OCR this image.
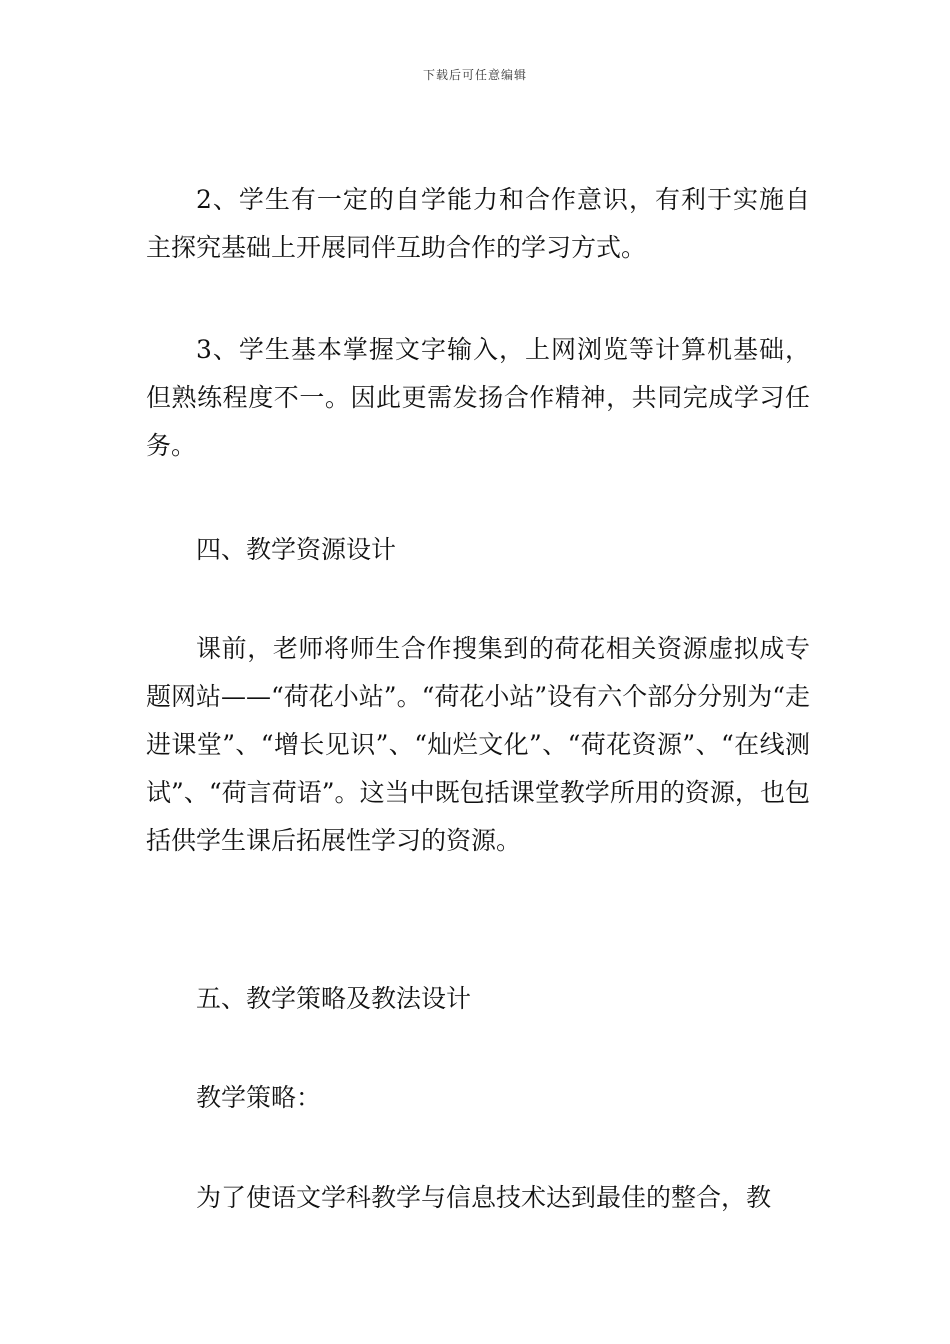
下载后可任意编辑

2、学生有一定的自学能力和合作意识，有利于实施自主探究基础上开展同伴互助合作的学习方式。

3、学生基本掌握文字输入，上网浏览等计算机基础，但熟练程度不一。因此更需发扬合作精神，共同完成学习任务。

四、教学资源设计

课前，老师将师生合作搜集到的荷花相关资源虚拟成专题网站——“荷花小站”。“荷花小站”设有六个部分分别为“走进课堂”、“增长见识”、“灿烂文化”、“荷花资源”、“在线测试”、“荷言荷语”。这当中既包括课堂教学所用的资源，也包括供学生课后拓展性学习的资源。

五、教学策略及教法设计

教学策略：

为了使语文学科教学与信息技术达到最佳的整合，教
